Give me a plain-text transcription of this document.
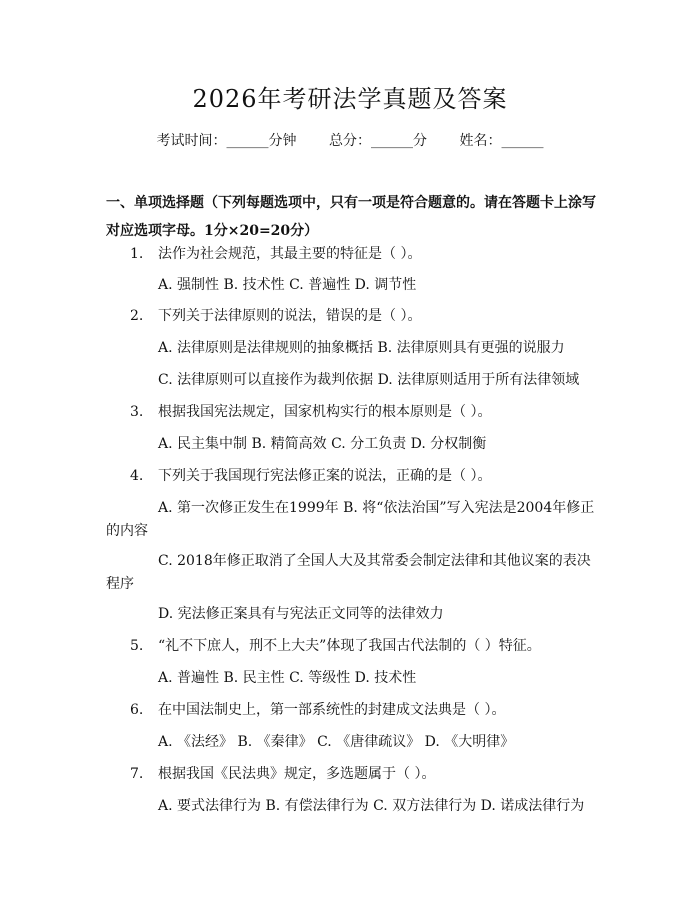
2026年考研法学真题及答案
考试时间：______分钟 总分：______分 姓名：______
一、单项选择题（下列每题选项中，只有一项是符合题意的。请在答题卡上涂写对应选项字母。1分×20=20分）
1. 法作为社会规范，其最主要的特征是（ ）。
A. 强制性 B. 技术性 C. 普遍性 D. 调节性
2. 下列关于法律原则的说法，错误的是（ ）。
A. 法律原则是法律规则的抽象概括 B. 法律原则具有更强的说服力
C. 法律原则可以直接作为裁判依据 D. 法律原则适用于所有法律领域
3. 根据我国宪法规定，国家机构实行的根本原则是（ ）。
A. 民主集中制 B. 精简高效 C. 分工负责 D. 分权制衡
4. 下列关于我国现行宪法修正案的说法，正确的是（ ）。
A. 第一次修正发生在1999年 B. 将“依法治国”写入宪法是2004年修正的内容
C. 2018年修正取消了全国人大及其常委会制定法律和其他议案的表决程序
D. 宪法修正案具有与宪法正文同等的法律效力
5. “礼不下庶人，刑不上大夫”体现了我国古代法制的（ ）特征。
A. 普遍性 B. 民主性 C. 等级性 D. 技术性
6. 在中国法制史上，第一部系统性的封建成文法典是（ ）。
A. 《法经》 B. 《秦律》 C. 《唐律疏议》 D. 《大明律》
7. 根据我国《民法典》规定，多选题属于（ ）。
A. 要式法律行为 B. 有偿法律行为 C. 双方法律行为 D. 诺成法律行为
